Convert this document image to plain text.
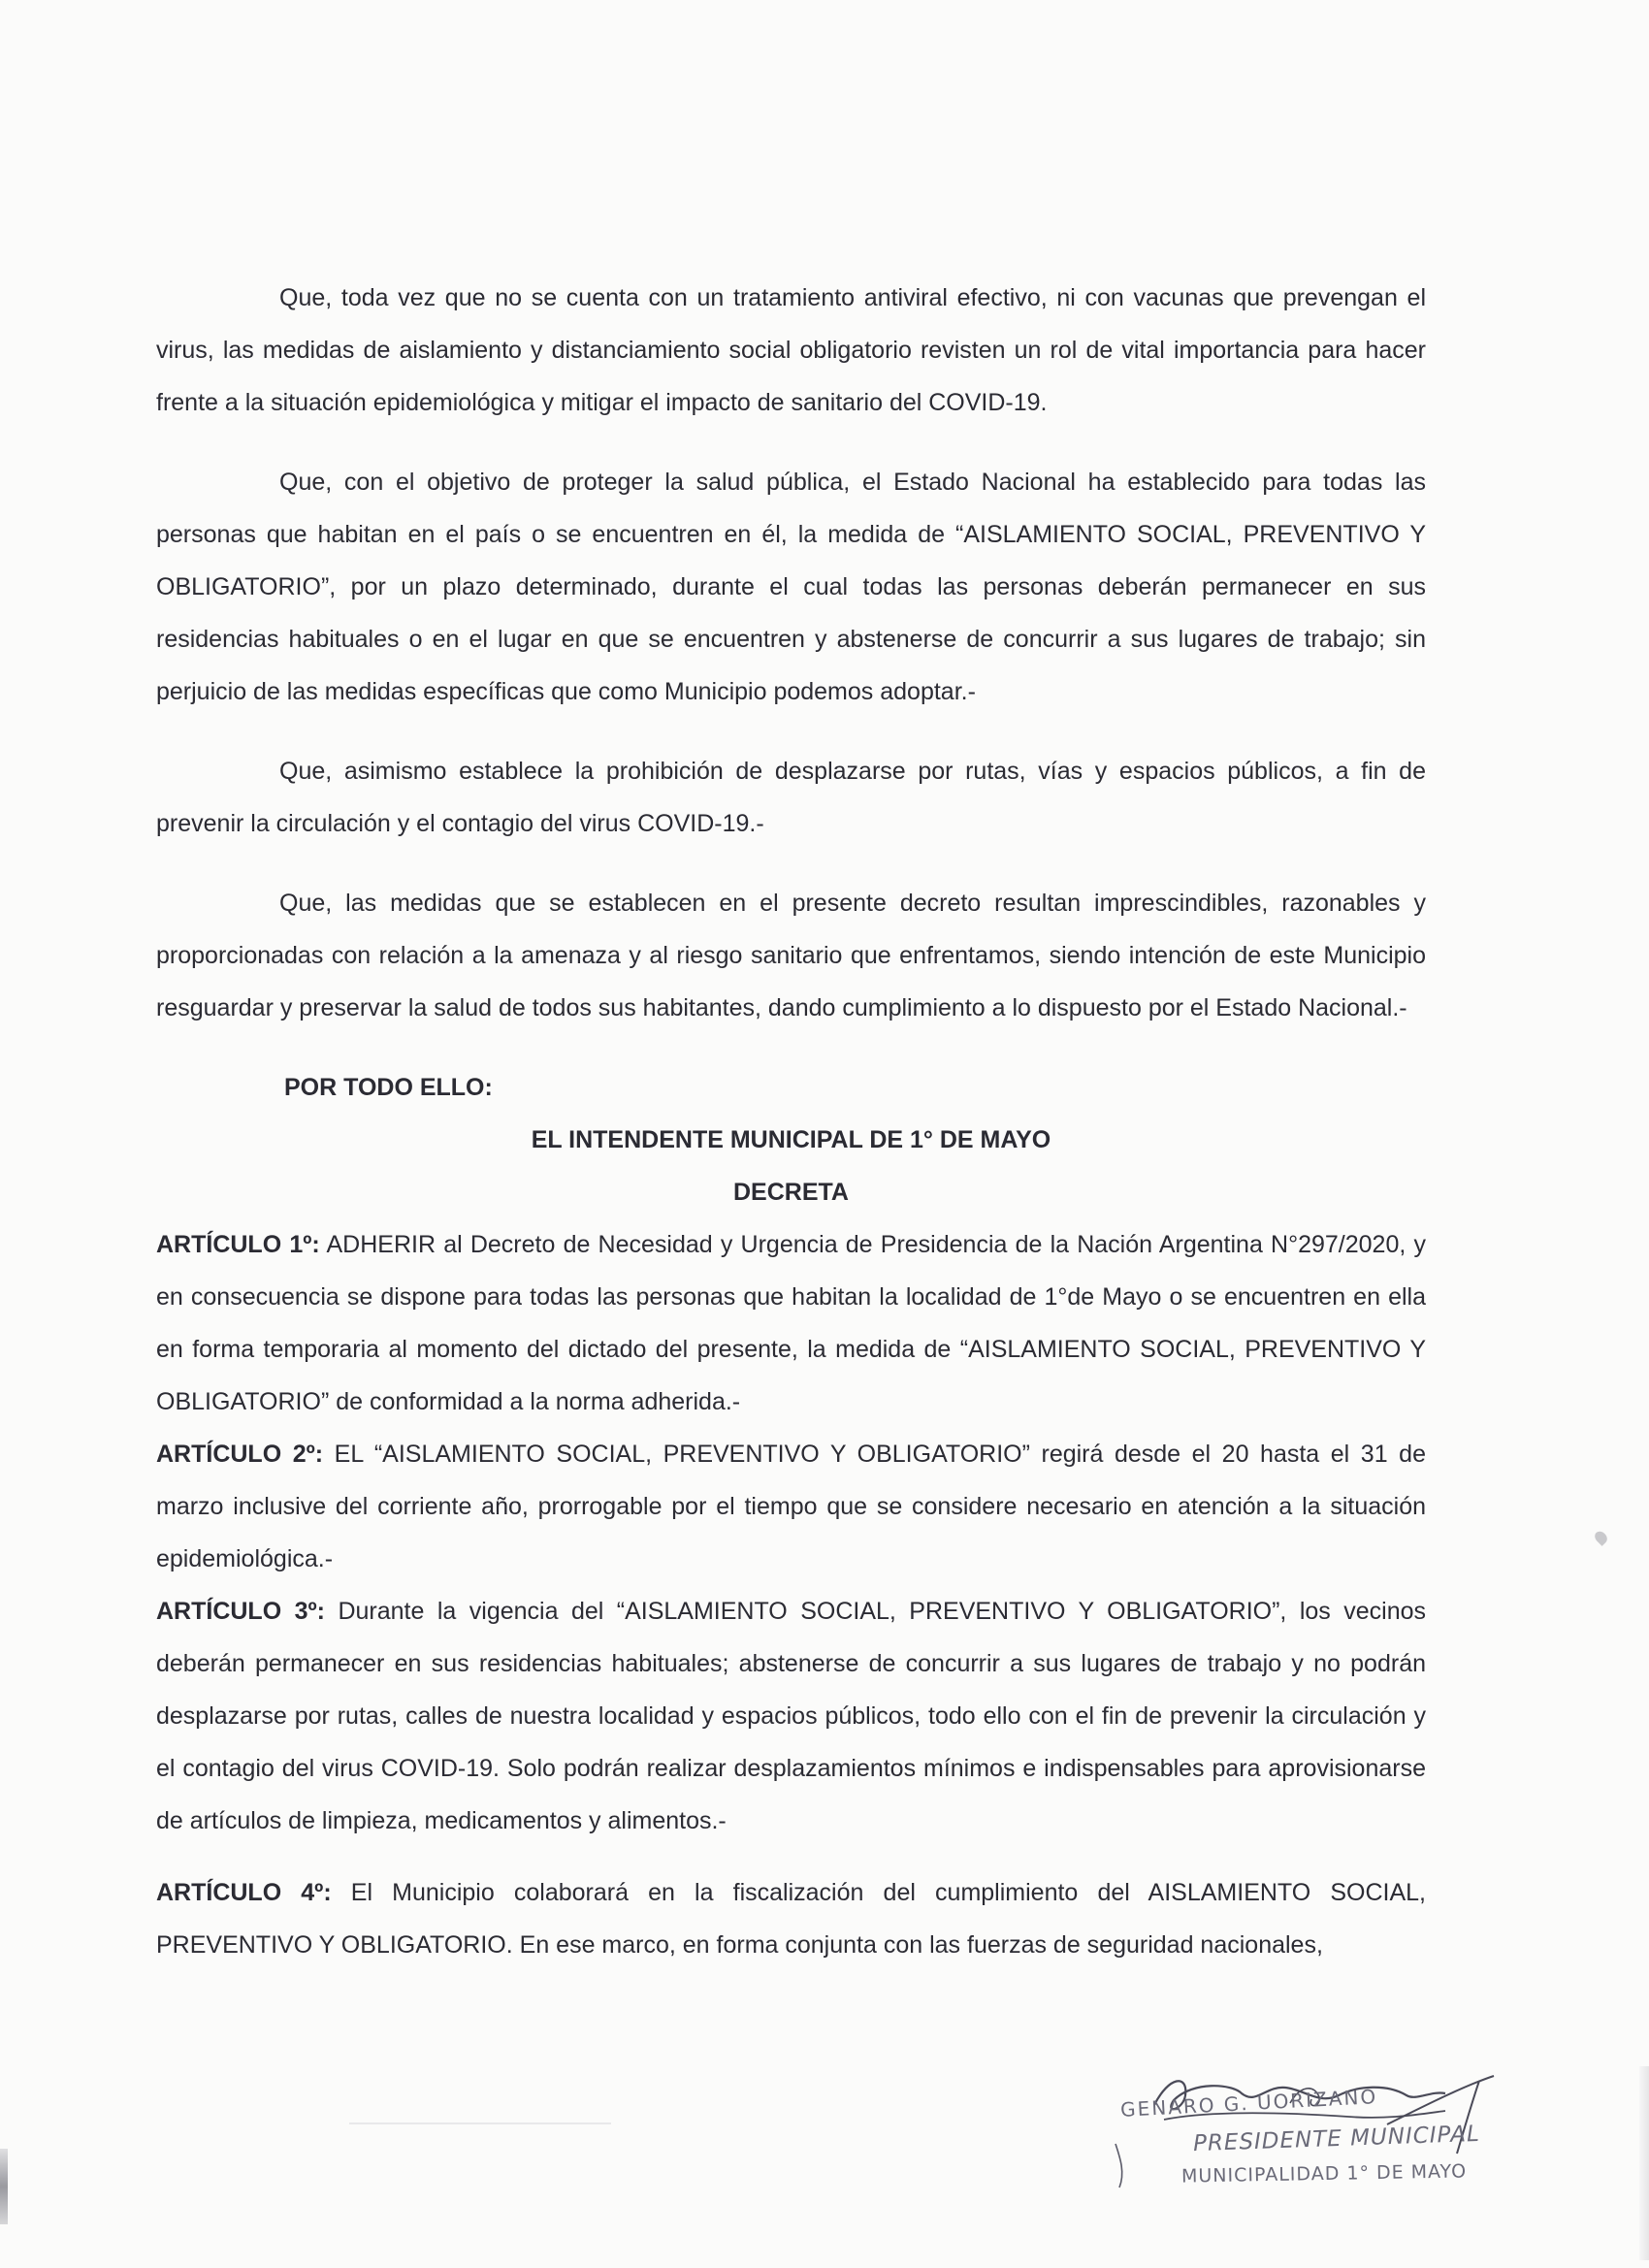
Que, toda vez que no se cuenta con un tratamiento antiviral efectivo, ni con vacunas que prevengan el virus, las medidas de aislamiento y distanciamiento social obligatorio revisten un rol de vital importancia para hacer frente a la situación epidemiológica y mitigar el impacto de sanitario del COVID-19.

Que, con el objetivo de proteger la salud pública, el Estado Nacional ha establecido para todas las personas que habitan en el país o se encuentren en él, la medida de “AISLAMIENTO SOCIAL, PREVENTIVO Y OBLIGATORIO”, por un plazo determinado, durante el cual todas las personas deberán permanecer en sus residencias habituales o en el lugar en que se encuentren y abstenerse de concurrir a sus lugares de trabajo; sin perjuicio de las medidas específicas que como Municipio podemos adoptar.-

Que, asimismo establece la prohibición de desplazarse por rutas, vías y espacios públicos, a fin de prevenir la circulación y el contagio del virus COVID-19.-

Que, las medidas que se establecen en el presente decreto resultan imprescindibles, razonables y proporcionadas con relación a la amenaza y al riesgo sanitario que enfrentamos, siendo intención de este Municipio resguardar y preservar la salud de todos sus habitantes, dando cumplimiento a lo dispuesto por el Estado Nacional.-

POR TODO ELLO:

EL INTENDENTE MUNICIPAL DE 1° DE MAYO

DECRETA

ARTÍCULO 1º: ADHERIR al Decreto de Necesidad y Urgencia de Presidencia de la Nación Argentina N°297/2020, y en consecuencia se dispone para todas las personas que habitan la localidad de 1°de Mayo o se encuentren en ella en forma temporaria al momento del dictado del presente, la medida de “AISLAMIENTO SOCIAL, PREVENTIVO Y OBLIGATORIO” de conformidad a la norma adherida.-

ARTÍCULO 2º: EL “AISLAMIENTO SOCIAL, PREVENTIVO Y OBLIGATORIO” regirá desde el 20 hasta el 31 de marzo inclusive del corriente año, prorrogable por el tiempo que se considere necesario en atención a la situación epidemiológica.-

ARTÍCULO 3º: Durante la vigencia del “AISLAMIENTO SOCIAL, PREVENTIVO Y OBLIGATORIO”, los vecinos deberán permanecer en sus residencias habituales; abstenerse de concurrir a sus lugares de trabajo y no podrán desplazarse por rutas, calles de nuestra localidad y espacios públicos, todo ello con el fin de prevenir la circulación y el contagio del virus COVID-19. Solo podrán realizar desplazamientos mínimos e indispensables para aprovisionarse de artículos de limpieza, medicamentos y alimentos.-

ARTÍCULO 4º: El Municipio colaborará en la fiscalización del cumplimiento del AISLAMIENTO SOCIAL, PREVENTIVO Y OBLIGATORIO. En ese marco, en forma conjunta con las fuerzas de seguridad nacionales,

GENARO G. UORIZANO
PRESIDENTE MUNICIPAL
MUNICIPALIDAD 1° DE MAYO
